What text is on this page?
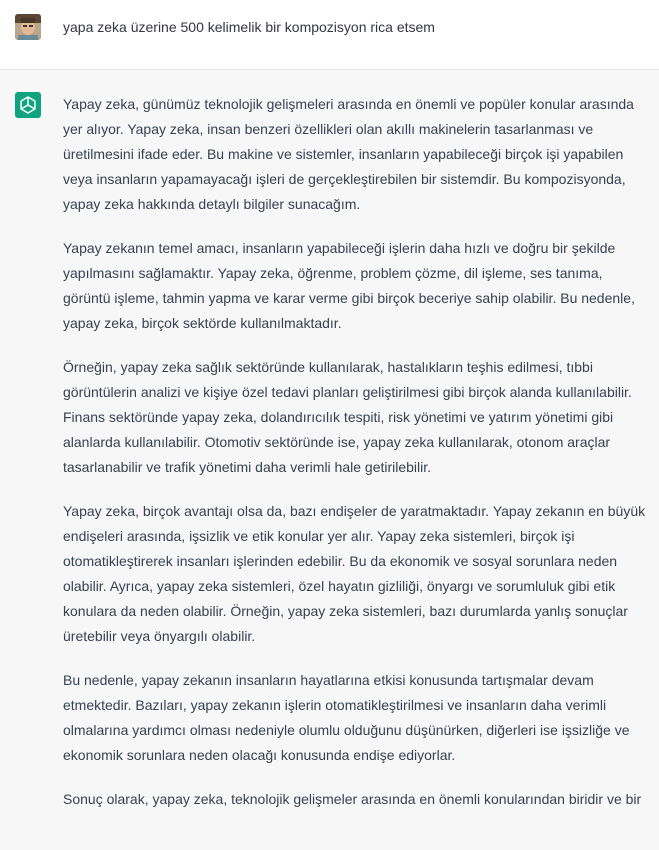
yapa zeka üzerine 500 kelimelik bir kompozisyon rica etsem

Yapay zeka, günümüz teknolojik gelişmeleri arasında en önemli ve popüler konular arasında yer alıyor. Yapay zeka, insan benzeri özellikleri olan akıllı makinelerin tasarlanması ve üretilmesini ifade eder. Bu makine ve sistemler, insanların yapabileceği birçok işi yapabilen veya insanların yapamayacağı işleri de gerçekleştirebilen bir sistemdir. Bu kompozisyonda, yapay zeka hakkında detaylı bilgiler sunacağım.

Yapay zekanın temel amacı, insanların yapabileceği işlerin daha hızlı ve doğru bir şekilde yapılmasını sağlamaktır. Yapay zeka, öğrenme, problem çözme, dil işleme, ses tanıma, görüntü işleme, tahmin yapma ve karar verme gibi birçok beceriye sahip olabilir. Bu nedenle, yapay zeka, birçok sektörde kullanılmaktadır.

Örneğin, yapay zeka sağlık sektöründe kullanılarak, hastalıkların teşhis edilmesi, tıbbi görüntülerin analizi ve kişiye özel tedavi planları geliştirilmesi gibi birçok alanda kullanılabilir. Finans sektöründe yapay zeka, dolandırıcılık tespiti, risk yönetimi ve yatırım yönetimi gibi alanlarda kullanılabilir. Otomotiv sektöründe ise, yapay zeka kullanılarak, otonom araçlar tasarlanabilir ve trafik yönetimi daha verimli hale getirilebilir.

Yapay zeka, birçok avantajı olsa da, bazı endişeler de yaratmaktadır. Yapay zekanın en büyük endişeleri arasında, işsizlik ve etik konular yer alır. Yapay zeka sistemleri, birçok işi otomatikleştirerek insanları işlerinden edebilir. Bu da ekonomik ve sosyal sorunlara neden olabilir. Ayrıca, yapay zeka sistemleri, özel hayatın gizliliği, önyargı ve sorumluluk gibi etik konulara da neden olabilir. Örneğin, yapay zeka sistemleri, bazı durumlarda yanlış sonuçlar üretebilir veya önyargılı olabilir.

Bu nedenle, yapay zekanın insanların hayatlarına etkisi konusunda tartışmalar devam etmektedir. Bazıları, yapay zekanın işlerin otomatikleştirilmesi ve insanların daha verimli olmalarına yardımcı olması nedeniyle olumlu olduğunu düşünürken, diğerleri ise işsizliğe ve ekonomik sorunlara neden olacağı konusunda endişe ediyorlar.

Sonuç olarak, yapay zeka, teknolojik gelişmeler arasında en önemli konularından biridir ve bir
